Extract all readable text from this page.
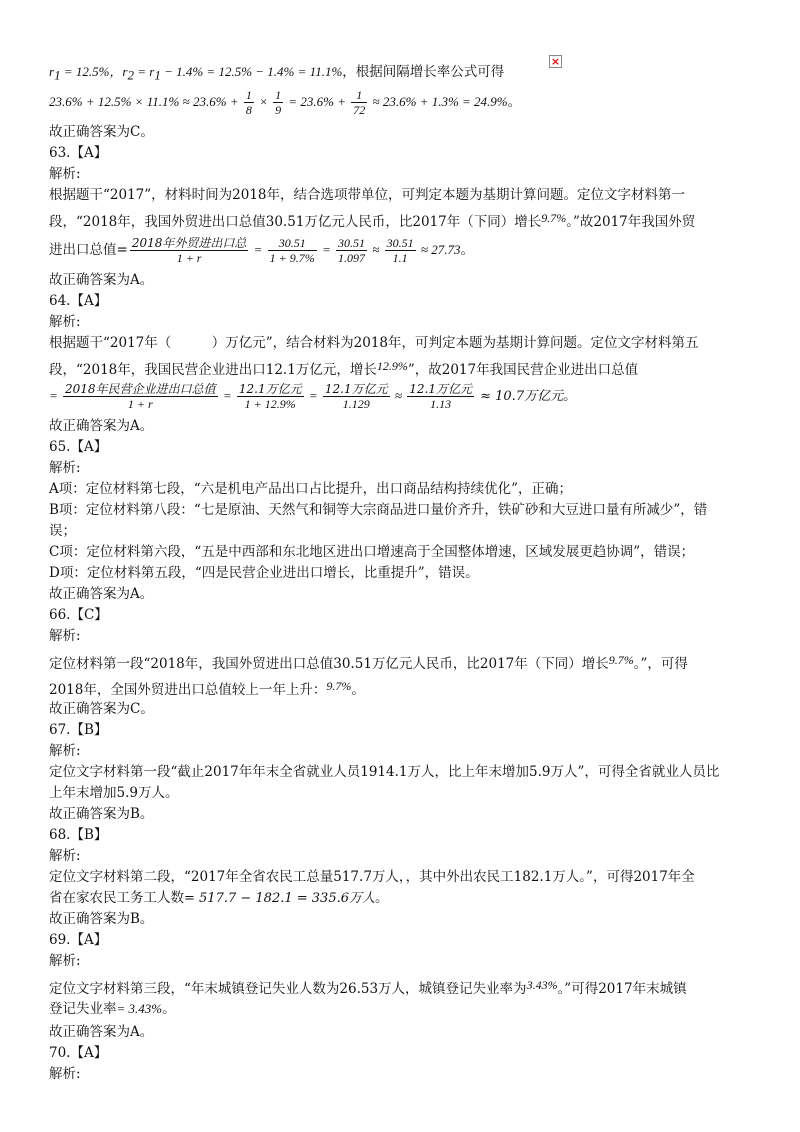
$r_1 = 12.5\%$，$r_2 = r_1 - 1.4\% = 12.5\% - 1.4\% = 11.1\%$，根据间隔增长率公式可得
×
$23.6\% + 12.5\% \times 11.1\% \approx 23.6\% + \frac{1}{8} \times \frac{1}{9} = 23.6\% + \frac{1}{72} \approx 23.6\% + 1.3\% = 24.9\%$。
故正确答案为C。
63.【A】
解析:
根据题干“2017”，材料时间为2018年，结合选项带单位，可判定本题为基期计算问题。定位文字材料第一
段，“2018年，我国外贸进出口总值30.51万亿元人民币，比2017年（下同）增长9.7%。”故2017年我国外贸
进出口总值= $\frac{\text{2018年外贸进出口总}}{1 + r} = \frac{30.51}{1 + 9.7\%} = \frac{30.51}{1.097} \approx \frac{30.51}{1.1} \approx 27.73$。
故正确答案为A。
64.【A】
解析:
根据题干“2017年（　　　）万亿元”，结合材料为2018年，可判定本题为基期计算问题。定位文字材料第五
段，“2018年，我国民营企业进出口12.1万亿元，增长12.9%”，故2017年我国民营企业进出口总值
= $\frac{\text{2018年民营企业进出口总值}}{1 + r} = \frac{\text{12.1万亿元}}{1 + 12.9\%} = \frac{\text{12.1万亿元}}{1.129} \approx \frac{\text{12.1万亿元}}{1.13} \approx 10.7$万亿元。
故正确答案为A。
65.【A】
解析:
A项：定位材料第七段，“六是机电产品出口占比提升，出口商品结构持续优化”，正确；
B项：定位材料第八段：“七是原油、天然气和铜等大宗商品进口量价齐升，铁矿砂和大豆进口量有所减少”，错
误；
C项：定位材料第六段，“五是中西部和东北地区进出口增速高于全国整体增速，区域发展更趋协调”，错误；
D项：定位材料第五段，“四是民营企业进出口增长，比重提升”，错误。
故正确答案为A。
66.【C】
解析:
定位材料第一段“2018年，我国外贸进出口总值30.51万亿元人民币，比2017年（下同）增长9.7%。”，可得
2018年，全国外贸进出口总值较上一年上升：9.7%。
故正确答案为C。
67.【B】
解析:
定位文字材料第一段“截止2017年年末全省就业人员1914.1万人，比上年末增加5.9万人”，可得全省就业人员比
上年末增加5.9万人。
故正确答案为B。
68.【B】
解析:
定位文字材料第二段，“2017年全省农民工总量517.7万人，，其中外出农民工182.1万人。”，可得2017年全
省在家农民工务工人数= 517.7 − 182.1 = 335.6万人。
故正确答案为B。
69.【A】
解析:
定位文字材料第三段，“年末城镇登记失业人数为26.53万人，城镇登记失业率为3.43%。”可得2017年末城镇
登记失业率= 3.43%。
故正确答案为A。
70.【A】
解析:
